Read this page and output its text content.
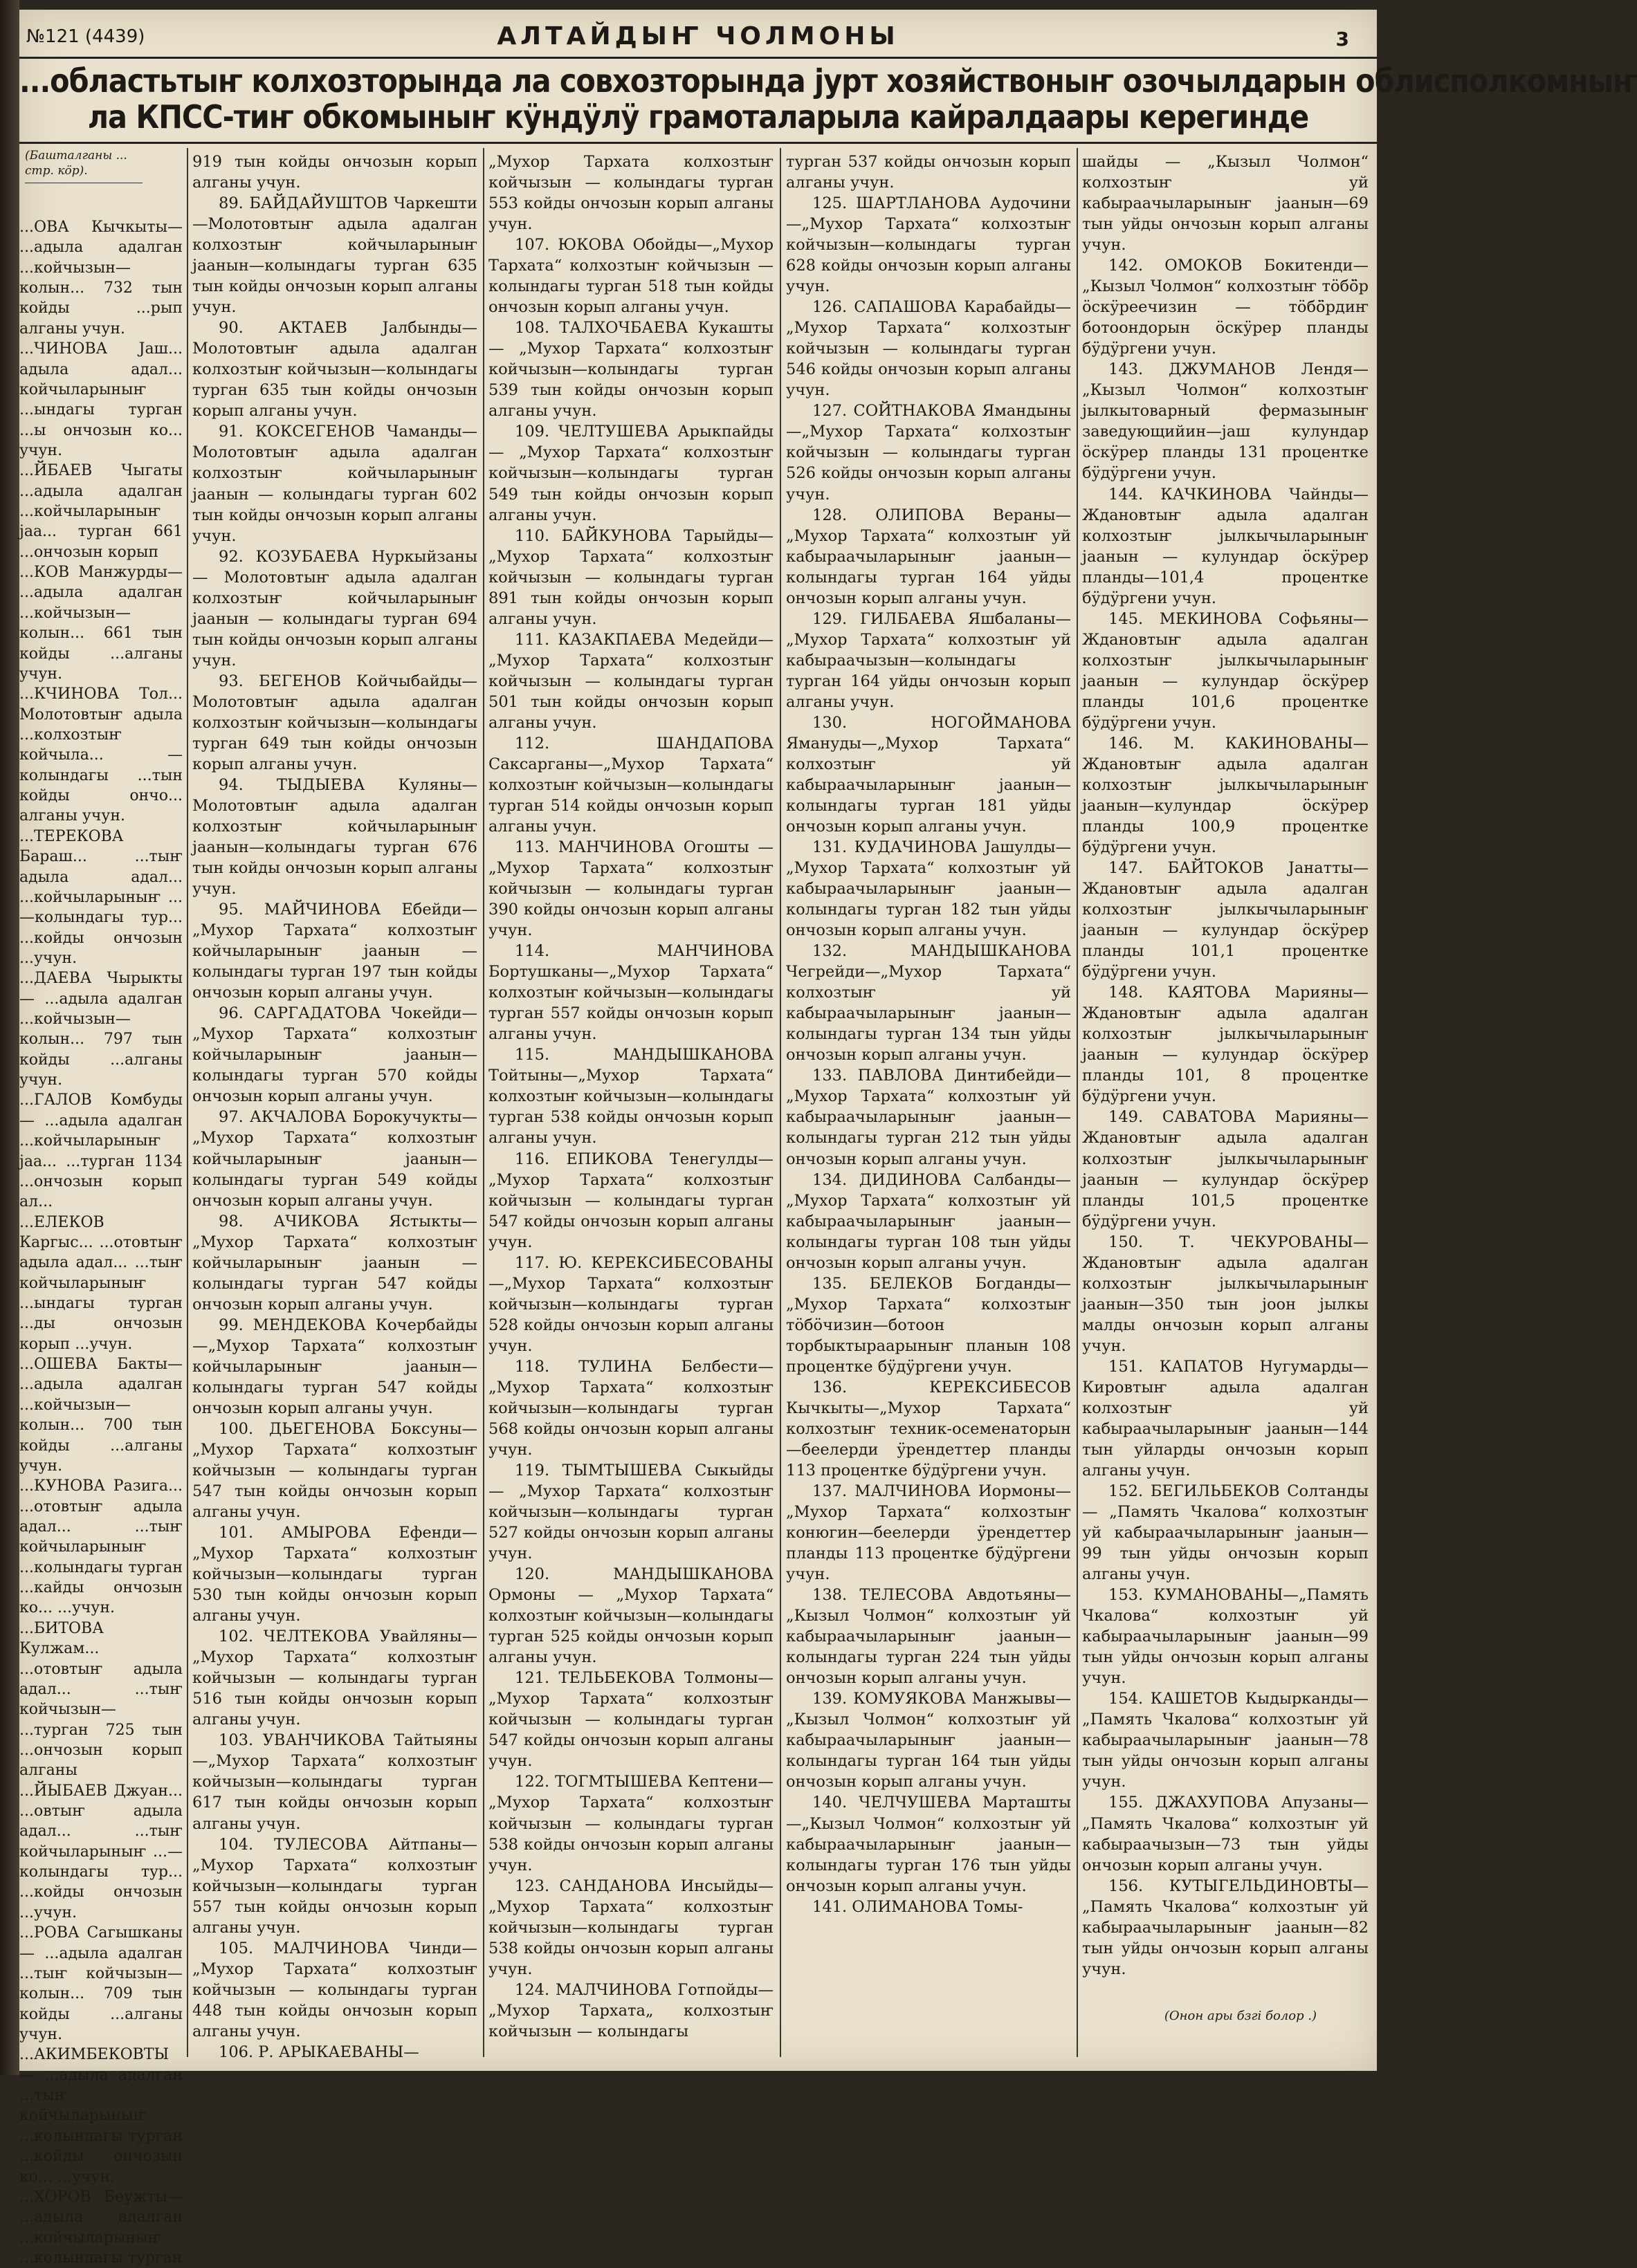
№121 (4439)	АЛТАЙДЫҤ ЧОЛМОНЫ	3
...областьтыҥ колхозторында ла совхозторында јурт хозяйствоныҥ озочылдарын облисполкомныҥ
ла КПСС-тиҥ обкомыныҥ кӱндӱлӱ грамоталарыла кайралдаары керегинде
(Башталганы ... стр. кӧр).

...ОВА Кычкыты— ...адыла адалган ...койчызын—колын... 732 тын койды ...рып алганы учун.

...ЧИНОВА Јаш... адыла адал... койчыларыныҥ ...ындагы турган ...ы ончозын ко... учун.

...ЙБАЕВ Чыгаты ...адыла адалган ...койчыларыныҥ јаа... турган 661 ...ончозын корып

...КОВ Манжурды— ...адыла адалган ...койчызын—колын... 661 тын койды ...алганы учун.

...КЧИНОВА Тол... Молотовтыҥ адыла ...колхозтыҥ койчыла... —колындагы ...тын койды ончо... алганы учун.

...ТЕРЕКОВА Бараш... ...тыҥ адыла адал... ...койчыларыныҥ ...—колындагы тур... ...койды ончозын ...учун.

...ДАЕВА Чырыкты— ...адыла адалган ...койчызын—колын... 797 тын койды ...алганы учун.

...ГАЛОВ Комбуды— ...адыла адалган ...койчыларыныҥ јаа... ...турган 1134 ...ончозын корып ал...

...ЕЛЕКОВ Каргыс... ...отовтыҥ адыла адал... ...тыҥ койчыларыныҥ ...ындагы турган ...ды ончозын корып ...учун.

...ОШЕВА Бакты— ...адыла адалган ...койчызын—колын... 700 тын койды ...алганы учун.

...КУНОВА Разига... ...отовтыҥ адыла адал... ...тыҥ койчыларыныҥ ...колындагы турган ...кайды ончозын ко... ...учун.

...БИТОВА Кулжам... ...отовтыҥ адыла адал... ...тыҥ койчызын— ...турган 725 тын ...ончозын корып алганы

...ЙЫБАЕВ Джуан... ...овтыҥ адыла адал... ...тыҥ койчыларыныҥ ...—колындагы тур... ...койды ончозын ...учун.

...РОВА Сагышканы— ...адыла адалган ...тыҥ койчызын—колын... 709 тын койды ...алганы учун.

...АКИМБЕКОВТЫ— ...адыла адалган ...тыҥ койчыларыныҥ ...колындагы турган ...койды ончозын ко... ...учун.

...ХОРОВ Беужты— ...адыла адалган ...койчыларыныҥ ...колындагы турган

919 тын койды ончозын корып алганы учун.

89. БАЙДАЙУШТОВ Чаркешти—Молотовтыҥ адыла адалган колхозтыҥ койчыларыныҥ јаанын—колындагы турган 635 тын койды ончозын корып алганы учун.

90. АКТАЕВ Јалбынды—Молотовтыҥ адыла адалган колхозтыҥ койчызын—колындагы турган 635 тын койды ончозын корып алганы учун.

91. КОКСЕГЕНОВ Чаманды—Молотовтыҥ адыла адалган колхозтыҥ койчыларыныҥ јаанын — колындагы турган 602 тын койды ончозын корып алганы учун.

92. КОЗУБАЕВА Нуркыйзаны — Молотовтыҥ адыла адалган колхозтыҥ койчыларыныҥ јаанын — колындагы турган 694 тын койды ончозын корып алганы учун.

93. БЕГЕНОВ Койчыбайды—Молотовтыҥ адыла адалган колхозтыҥ койчызын—колындагы турган 649 тын койды ончозын корып алганы учун.

94. ТЫДЫЕВА Куляны—Молотовтыҥ адыла адалган колхозтыҥ койчыларыныҥ јаанын—колындагы турган 676 тын койды ончозын корып алганы учун.

95. МАЙЧИНОВА Ебейди—„Мухор Тархата“ колхозтыҥ койчыларыныҥ јаанын — колындагы турган 197 тын койды ончозын корып алганы учун.

96. САРГАДАТОВА Чокейди—„Мухор Тархата“ колхозтыҥ койчыларыныҥ јаанын—колындагы турган 570 койды ончозын корып алганы учун.

97. АКЧАЛОВА Борокучукты—„Мухор Тархата“ колхозтыҥ койчыларыныҥ јаанын—колындагы турган 549 койды ончозын корып алганы учун.

98. АЧИКОВА Ястыкты—„Мухор Тархата“ колхозтыҥ койчыларыныҥ јаанын — колындагы турган 547 койды ончозын корып алганы учун.

99. МЕНДЕКОВА Кочербайды—„Мухор Тархата“ колхозтыҥ койчыларыныҥ јаанын—колындагы турган 547 койды ончозын корып алганы учун.

100. ДЬЕГЕНОВА Боксуны—„Мухор Тархата“ колхозтыҥ койчызын — колындагы турган 547 тын койды ончозын корып алганы учун.

101. АМЫРОВА Ефенди—„Мухор Тархата“ колхозтыҥ койчызын—колындагы турган 530 тын койды ончозын корып алганы учун.

102. ЧЕЛТЕКОВА Увайляны—„Мухор Тархата“ колхозтыҥ койчызын — колындагы турган 516 тын койды ончозын корып алганы учун.

103. УВАНЧИКОВА Тайтыяны—„Мухор Тархата“ колхозтыҥ койчызын—колындагы турган 617 тын койды ончозын корып алганы учун.

104. ТУЛЕСОВА Айтпаны—„Мухор Тархата“ колхозтыҥ койчызын—колындагы турган 557 тын койды ончозын корып алганы учун.

105. МАЛЧИНОВА Чинди—„Мухор Тархата“ колхозтыҥ койчызын — колындагы турган 448 тын койды ончозын корып алганы учун.

106. Р. АРЫКАЕВАНЫ—

„Мухор Тархата колхозтыҥ койчызын — колындагы турган 553 койды ончозын корып алганы учун.

107. ЮКОВА Обойды—„Мухор Тархата“ колхозтыҥ койчызын — колындагы турган 518 тын койды ончозын корып алганы учун.

108. ТАЛХОЧБАЕВА Кукашты — „Мухор Тархата“ колхозтыҥ койчызын—колындагы турган 539 тын койды ончозын корып алганы учун.

109. ЧЕЛТУШЕВА Арыкпайды — „Мухор Тархата“ колхозтыҥ койчызын—колындагы турган 549 тын койды ончозын корып алганы учун.

110. БАЙКУНОВА Тарыйды—„Мухор Тархата“ колхозтыҥ койчызын — колындагы турган 891 тын койды ончозын корып алганы учун.

111. КАЗАКПАЕВА Медейди—„Мухор Тархата“ колхозтыҥ койчызын — колындагы турган 501 тын койды ончозын корып алганы учун.

112. ШАНДАПОВА Саксарганы—„Мухор Тархата“ колхозтыҥ койчызын—колындагы турган 514 койды ончозын корып алганы учун.

113. МАНЧИНОВА Огошты —„Мухор Тархата“ колхозтыҥ койчызын — колындагы турган 390 койды ончозын корып алганы учун.

114. МАНЧИНОВА Бортушканы—„Мухор Тархата“ колхозтыҥ койчызын—колындагы турган 557 койды ончозын корып алганы учун.

115. МАНДЫШКАНОВА Тойтыны—„Мухор Тархата“ колхозтыҥ койчызын—колындагы турган 538 койды ончозын корып алганы учун.

116. ЕПИКОВА Тенегулды—„Мухор Тархата“ колхозтыҥ койчызын — колындагы турган 547 койды ончозын корып алганы учун.

117. Ю. КЕРЕКСИБЕСОВАНЫ—„Мухор Тархата“ колхозтыҥ койчызын—колындагы турган 528 койды ончозын корып алганы учун.

118. ТУЛИНА Белбести—„Мухор Тархата“ колхозтыҥ койчызын—колындагы турган 568 койды ончозын корып алганы учун.

119. ТЫМТЫШЕВА Сыкыйды — „Мухор Тархата“ колхозтыҥ койчызын—колындагы турган 527 койды ончозын корып алганы учун.

120. МАНДЫШКАНОВА Ормоны — „Мухор Тархата“ колхозтыҥ койчызын—колындагы турган 525 койды ончозын корып алганы учун.

121. ТЕЛЬБЕКОВА Толмоны—„Мухор Тархата“ колхозтыҥ койчызын — колындагы турган 547 койды ончозын корып алганы учун.

122. ТОГМТЫШЕВА Кептени—„Мухор Тархата“ колхозтыҥ койчызын — колындагы турган 538 койды ончозын корып алганы учун.

123. САНДАНОВА Инсыйды—„Мухор Тархата“ колхозтыҥ койчызын—колындагы турган 538 койды ончозын корып алганы учун.

124. МАЛЧИНОВА Готпойды—„Мухор Тархата„ колхозтыҥ койчызын — колындагы

турган 537 койды ончозын корып алганы учун.

125. ШАРТЛАНОВА Аудочини—„Мухор Тархата“ колхозтыҥ койчызын—колындагы турган 628 койды ончозын корып алганы учун.

126. САПАШОВА Карабайды—„Мухор Тархата“ колхозтыҥ койчызын — колындагы турган 546 койды ончозын корып алганы учун.

127. СОЙТНАКОВА Ямандыны—„Мухор Тархата“ колхозтыҥ койчызын — колындагы турган 526 койды ончозын корып алганы учун.

128. ОЛИПОВА Вераны—„Мухор Тархата“ колхозтыҥ уй кабыраачыларыныҥ јаанын—колындагы турган 164 уйды ончозын корып алганы учун.

129. ГИЛБАЕВА Яшбаланы—„Мухор Тархата“ колхозтыҥ уй кабыраачызын—колындагы турган 164 уйды ончозын корып алганы учун.

130. НОГОЙМАНОВА Ямануды—„Мухор Тархата“ колхозтыҥ уй кабыраачыларыныҥ јаанын—колындагы турган 181 уйды ончозын корып алганы учун.

131. КУДАЧИНОВА Јашулды—„Мухор Тархата“ колхозтыҥ уй кабыраачыларыныҥ јаанын—колындагы турган 182 тын уйды ончозын корып алганы учун.

132. МАНДЫШКАНОВА Чегрейди—„Мухор Тархата“ колхозтыҥ уй кабыраачыларыныҥ јаанын—колындагы турган 134 тын уйды ончозын корып алганы учун.

133. ПАВЛОВА Динтибейди—„Мухор Тархата“ колхозтыҥ уй кабыраачыларыныҥ јаанын—колындагы турган 212 тын уйды ончозын корып алганы учун.

134. ДИДИНОВА Салбанды—„Мухор Тархата“ колхозтыҥ уй кабыраачыларыныҥ јаанын—колындагы турган 108 тын уйды ончозын корып алганы учун.

135. БЕЛЕКОВ Богданды—„Мухор Тархата“ колхозтыҥ тӧбӧчизин—ботоон торбыктыраарыныҥ планын 108 процентке бӱдӱргени учун.

136. КЕРЕКСИБЕСОВ Кычкыты—„Мухор Тархата“ колхозтыҥ техник-осеменаторын—беелерди ӱрендеттер планды 113 процентке бӱдӱргени учун.

137. МАЛЧИНОВА Иормоны—„Мухор Тархата“ колхозтыҥ конюгин—беелерди ӱрендеттер планды 113 процентке бӱдӱргени учун.

138. ТЕЛЕСОВА Авдотьяны—„Кызыл Чолмон“ колхозтыҥ уй кабыраачыларыныҥ јаанын—колындагы турган 224 тын уйды ончозын корып алганы учун.

139. КОМУЯКОВА Манжывы—„Кызыл Чолмон“ колхозтыҥ уй кабыраачыларыныҥ јаанын—колындагы турган 164 тын уйды ончозын корып алганы учун.

140. ЧЕЛЧУШЕВА Марташты—„Кызыл Чолмон“ колхозтыҥ уй кабыраачыларыныҥ јаанын—колындагы турган 176 тын уйды ончозын корып алганы учун.

141. ОЛИМАНОВА Томы-

шайды — „Кызыл Чолмон“ колхозтыҥ уй кабыраачыларыныҥ јаанын—69 тын уйды ончозын корып алганы учун.

142. ОМОКОВ Бокитенди—„Кызыл Чолмон“ колхозтыҥ тӧбӧ̈р ӧскӱреечизин — тӧбӧ̈рдиҥ ботоондорын ӧскӱрер планды бӱдӱргени учун.

143. ДЖУМАНОВ Лендя—„Кызыл Чолмон“ колхозтыҥ јылкытоварный фермазыныҥ заведующийин—јаш кулундар ӧскӱрер планды 131 процентке бӱдӱргени учун.

144. КАЧКИНОВА Чайнды—Ждановтыҥ адыла адалган колхозтыҥ јылкычыларыныҥ јаанын — кулундар ӧскӱрер планды—101,4 процентке бӱдӱргени учун.

145. МЕКИНОВА Софьяны—Ждановтыҥ адыла адалган колхозтыҥ јылкычыларыныҥ јаанын — кулундар ӧскӱрер планды 101,6 процентке бӱдӱргени учун.

146. М. КАКИНОВАНЫ—Ждановтыҥ адыла адалган колхозтыҥ јылкычыларыныҥ јаанын—кулундар ӧскӱрер планды 100,9 процентке бӱдӱргени учун.

147. БАЙТОКОВ Јанатты—Ждановтыҥ адыла адалган колхозтыҥ јылкычыларыныҥ јаанын — кулундар ӧскӱрер планды 101,1 процентке бӱдӱргени учун.

148. КАЯТОВА Марияны—Ждановтыҥ адыла адалган колхозтыҥ јылкычыларыныҥ јаанын — кулундар ӧскӱрер планды 101, 8 процентке бӱдӱргени учун.

149. САВАТОВА Марияны—Ждановтыҥ адыла адалган колхозтыҥ јылкычыларыныҥ јаанын — кулундар ӧскӱрер планды 101,5 процентке бӱдӱргени учун.

150. Т. ЧЕКУРОВАНЫ—Ждановтыҥ адыла адалган колхозтыҥ јылкычыларыныҥ јаанын—350 тын јоон јылкы малды ончозын корып алганы учун.

151. КАПАТОВ Нугумарды—Кировтыҥ адыла адалган колхозтыҥ уй кабыраачыларыныҥ јаанын—144 тын уйларды ончозын корып алганы учун.

152. БЕГИЛЬБЕКОВ Солтанды — „Память Чкалова“ колхозтыҥ уй кабыраачыларыныҥ јаанын—99 тын уйды ончозын корып алганы учун.

153. КУМАНОВАНЫ—„Память Чкалова“ колхозтыҥ уй кабыраачыларыныҥ јаанын—99 тын уйды ончозын корып алганы учун.

154. КАШЕТОВ Кыдырканды—„Память Чкалова“ колхозтыҥ уй кабыраачыларыныҥ јаанын—78 тын уйды ончозын корып алганы учун.

155. ДЖАХУПОВА Апузаны—„Память Чкалова“ колхозтыҥ уй кабыраачызын—73 тын уйды ончозын корып алганы учун.

156. КУТЫГЕЛЬДИНОВТЫ—„Память Чкалова“ колхозтыҥ уй кабыраачыларыныҥ јаанын—82 тын уйды ончозын корып алганы учун.

(Онон ары бзгi болор .)
